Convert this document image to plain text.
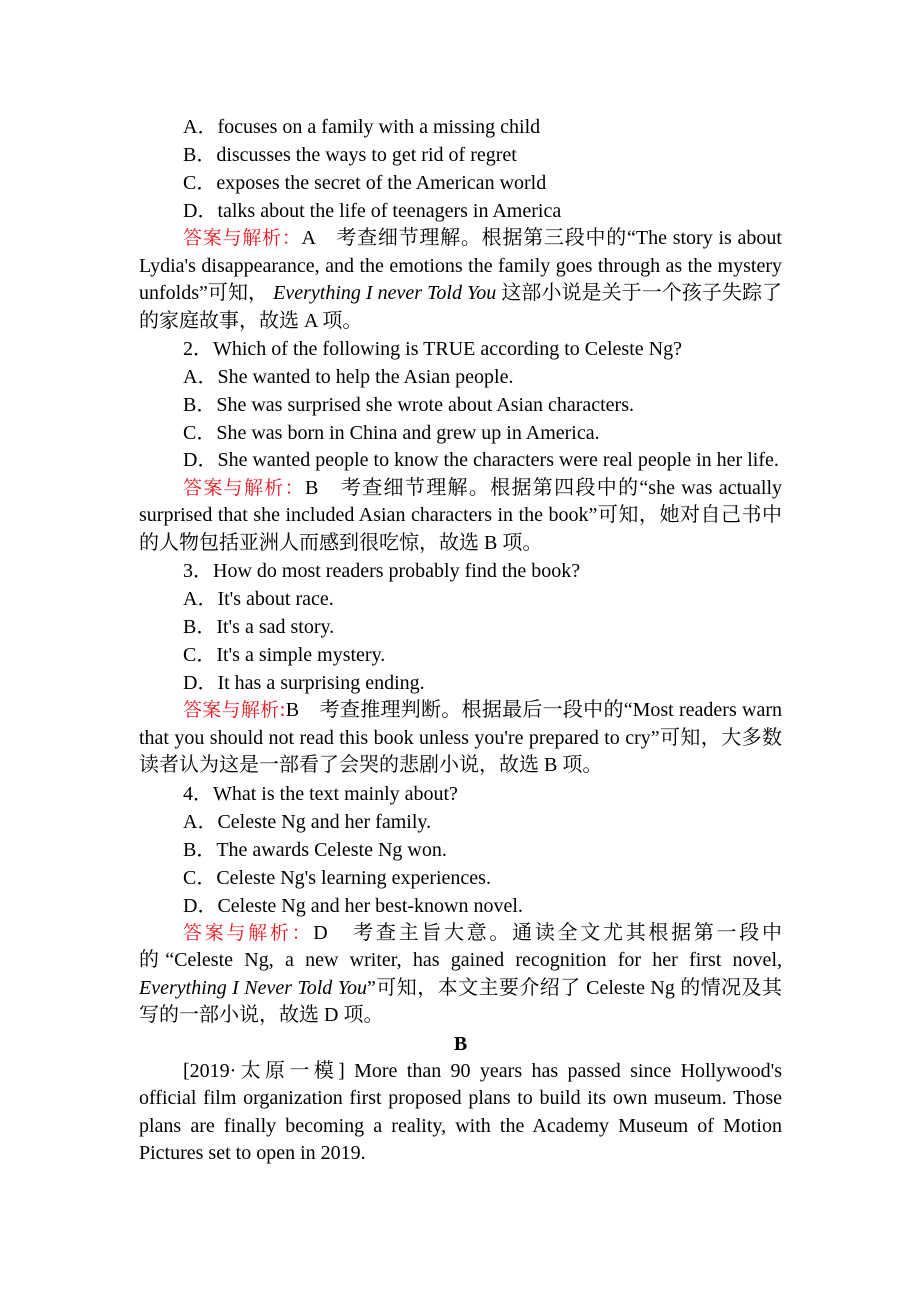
A．focuses on a family with a missing child
B．discusses the ways to get rid of regret
C．exposes the secret of the American world
D．talks about the life of teenagers in America
答案与解析：A　考查细节理解。根据第三段中的“The story is about Lydia's disappearance, and the emotions the family goes through as the mystery unfolds”可知， Everything I never Told You 这部小说是关于一个孩子失踪了的家庭故事，故选 A 项。
2．Which of the following is TRUE according to Celeste Ng?
A．She wanted to help the Asian people.
B．She was surprised she wrote about Asian characters.
C．She was born in China and grew up in America.
D．She wanted people to know the characters were real people in her life.
答案与解析：B　考查细节理解。根据第四段中的“she was actually surprised that she included Asian characters in the book”可知，她对自己书中的人物包括亚洲人而感到很吃惊，故选 B 项。
3．How do most readers probably find the book?
A．It's about race.
B．It's a sad story.
C．It's a simple mystery.
D．It has a surprising ending.
答案与解析:B　考查推理判断。根据最后一段中的“Most readers warn that you should not read this book unless you're prepared to cry”可知，大多数读者认为这是一部看了会哭的悲剧小说，故选 B 项。
4．What is the text mainly about?
A．Celeste Ng and her family.
B．The awards Celeste Ng won.
C．Celeste Ng's learning experiences.
D．Celeste Ng and her best-known novel.
答案与解析：D　考查主旨大意。通读全文尤其根据第一段中的“Celeste Ng, a new writer, has gained recognition for her first novel, Everything I Never Told You”可知，本文主要介绍了 Celeste Ng 的情况及其写的一部小说，故选 D 项。
B
[2019·太原一模] More than 90 years has passed since Hollywood's official film organization first proposed plans to build its own museum. Those plans are finally becoming a reality, with the Academy Museum of Motion Pictures set to open in 2019.
